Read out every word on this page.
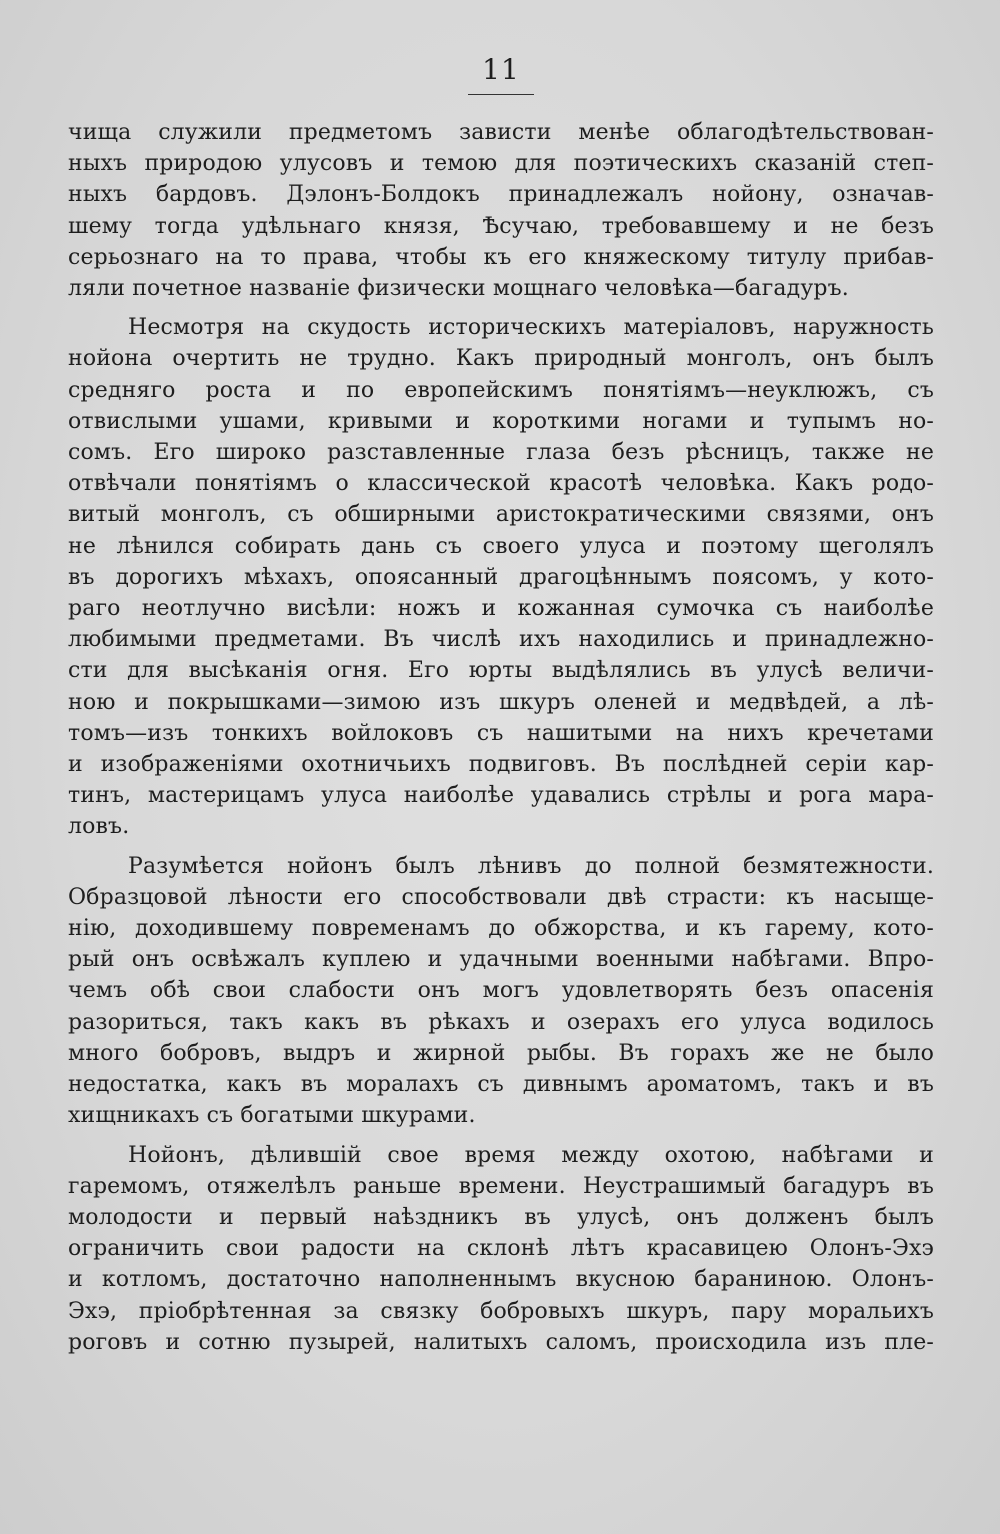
11
чища служили предметомъ зависти менѣе облагодѣтельствован-
ныхъ природою улусовъ и темою для поэтическихъ сказаній степ-
ныхъ бардовъ. Дэлонъ-Болдокъ принадлежалъ нойону, означав-
шему тогда удѣльнаго князя, Ѣсучаю, требовавшему и не безъ
серьознаго на то права, чтобы къ его княжескому титулу прибав-
ляли почетное названіе физически мощнаго человѣка—багадуръ.
Несмотря на скудость историческихъ матеріаловъ, наружность
нойона очертить не трудно. Какъ природный монголъ, онъ былъ
средняго роста и по европейскимъ понятіямъ—неуклюжъ, съ
отвислыми ушами, кривыми и короткими ногами и тупымъ но-
сомъ. Его широко разставленные глаза безъ рѣсницъ, также не
отвѣчали понятіямъ о классической красотѣ человѣка. Какъ родо-
витый монголъ, съ обширными аристократическими связями, онъ
не лѣнился собирать дань съ своего улуса и поэтому щеголялъ
въ дорогихъ мѣхахъ, опоясанный драгоцѣннымъ поясомъ, у кото-
раго неотлучно висѣли: ножъ и кожанная сумочка съ наиболѣе
любимыми предметами. Въ числѣ ихъ находились и принадлежно-
сти для высѣканія огня. Его юрты выдѣлялись въ улусѣ величи-
ною и покрышками—зимою изъ шкуръ оленей и медвѣдей, а лѣ-
томъ—изъ тонкихъ войлоковъ съ нашитыми на нихъ кречетами
и изображеніями охотничьихъ подвиговъ. Въ послѣдней серіи кар-
тинъ, мастерицамъ улуса наиболѣе удавались стрѣлы и рога мара-
ловъ.
Разумѣется нойонъ былъ лѣнивъ до полной безмятежности.
Образцовой лѣности его способствовали двѣ страсти: къ насыще-
нію, доходившему повременамъ до обжорства, и къ гарему, кото-
рый онъ освѣжалъ куплею и удачными военными набѣгами. Впро-
чемъ обѣ свои слабости онъ могъ удовлетворять безъ опасенія
разориться, такъ какъ въ рѣкахъ и озерахъ его улуса водилось
много бобровъ, выдръ и жирной рыбы. Въ горахъ же не было
недостатка, какъ въ моралахъ съ дивнымъ ароматомъ, такъ и въ
хищникахъ съ богатыми шкурами.
Нойонъ, дѣлившій свое время между охотою, набѣгами и
гаремомъ, отяжелѣлъ раньше времени. Неустрашимый багадуръ въ
молодости и первый наѣздникъ въ улусѣ, онъ долженъ былъ
ограничить свои радости на склонѣ лѣтъ красавицею Олонъ-Эхэ
и котломъ, достаточно наполненнымъ вкусною бараниною. Олонъ-
Эхэ, пріобрѣтенная за связку бобровыхъ шкуръ, пару моральихъ
роговъ и сотню пузырей, налитыхъ саломъ, происходила изъ пле-
